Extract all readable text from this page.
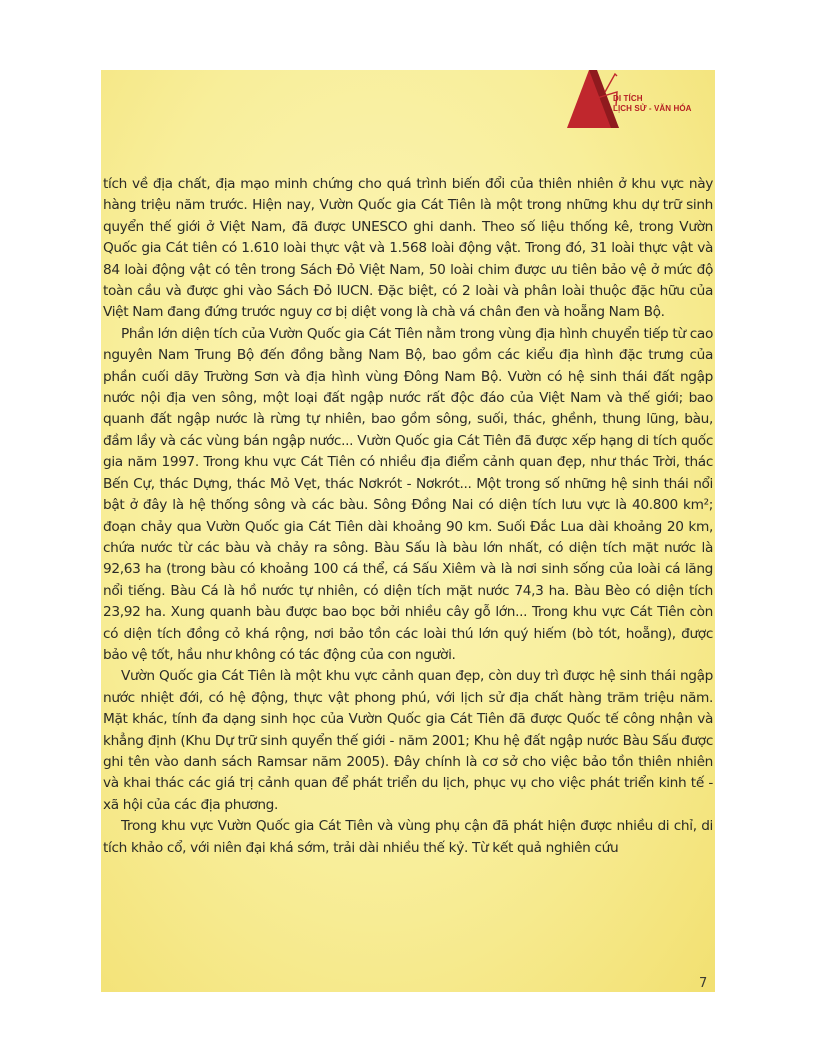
DI TÍCH
LỊCH SỬ - VĂN HÓA

tích về địa chất, địa mạo minh chứng cho quá trình biến đổi của thiên nhiên ở khu vực này hàng triệu năm trước. Hiện nay, Vườn Quốc gia Cát Tiên là một trong những khu dự trữ sinh quyển thế giới ở Việt Nam, đã được UNESCO ghi danh. Theo số liệu thống kê, trong Vườn Quốc gia Cát tiên có 1.610 loài thực vật và 1.568 loài động vật. Trong đó, 31 loài thực vật và 84 loài động vật có tên trong Sách Đỏ Việt Nam, 50 loài chim được ưu tiên bảo vệ ở mức độ toàn cầu và được ghi vào Sách Đỏ IUCN. Đặc biệt, có 2 loài và phân loài thuộc đặc hữu của Việt Nam đang đứng trước nguy cơ bị diệt vong là chà vá chân đen và hoẵng Nam Bộ.

Phần lớn diện tích của Vườn Quốc gia Cát Tiên nằm trong vùng địa hình chuyển tiếp từ cao nguyên Nam Trung Bộ đến đồng bằng Nam Bộ, bao gồm các kiểu địa hình đặc trưng của phần cuối dãy Trường Sơn và địa hình vùng Đông Nam Bộ. Vườn có hệ sinh thái đất ngập nước nội địa ven sông, một loại đất ngập nước rất độc đáo của Việt Nam và thế giới; bao quanh đất ngập nước là rừng tự nhiên, bao gồm sông, suối, thác, ghềnh, thung lũng, bàu, đầm lầy và các vùng bán ngập nước... Vườn Quốc gia Cát Tiên đã được xếp hạng di tích quốc gia năm 1997. Trong khu vực Cát Tiên có nhiều địa điểm cảnh quan đẹp, như thác Trời, thác Bến Cự, thác Dựng, thác Mỏ Vẹt, thác Nơkrót - Nơkrót... Một trong số những hệ sinh thái nổi bật ở đây là hệ thống sông và các bàu. Sông Đồng Nai có diện tích lưu vực là 40.800 km²; đoạn chảy qua Vườn Quốc gia Cát Tiên dài khoảng 90 km. Suối Đắc Lua dài khoảng 20 km, chứa nước từ các bàu và chảy ra sông. Bàu Sấu là bàu lớn nhất, có diện tích mặt nước là 92,63 ha (trong bàu có khoảng 100 cá thể, cá Sấu Xiêm và là nơi sinh sống của loài cá lăng nổi tiếng. Bàu Cá là hồ nước tự nhiên, có diện tích mặt nước 74,3 ha. Bàu Bèo có diện tích 23,92 ha. Xung quanh bàu được bao bọc bởi nhiều cây gỗ lớn... Trong khu vực Cát Tiên còn có diện tích đồng cỏ khá rộng, nơi bảo tồn các loài thú lớn quý hiếm (bò tót, hoẵng), được bảo vệ tốt, hầu như không có tác động của con người.

Vườn Quốc gia Cát Tiên là một khu vực cảnh quan đẹp, còn duy trì được hệ sinh thái ngập nước nhiệt đới, có hệ động, thực vật phong phú, với lịch sử địa chất hàng trăm triệu năm. Mặt khác, tính đa dạng sinh học của Vườn Quốc gia Cát Tiên đã được Quốc tế công nhận và khẳng định (Khu Dự trữ sinh quyển thế giới - năm 2001; Khu hệ đất ngập nước Bàu Sấu được ghi tên vào danh sách Ramsar năm 2005). Đây chính là cơ sở cho việc bảo tồn thiên nhiên và khai thác các giá trị cảnh quan để phát triển du lịch, phục vụ cho việc phát triển kinh tế - xã hội của các địa phương.

Trong khu vực Vườn Quốc gia Cát Tiên và vùng phụ cận đã phát hiện được nhiều di chỉ, di tích khảo cổ, với niên đại khá sớm, trải dài nhiều thế kỷ. Từ kết quả nghiên cứu

7
